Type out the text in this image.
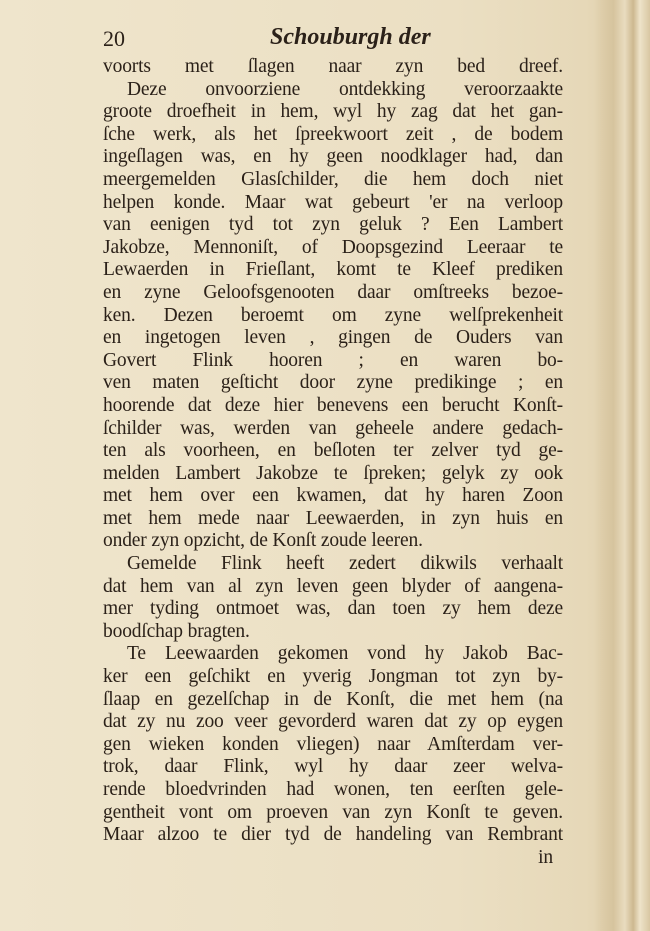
20	Schouburgh der
voorts met ſlagen naar zyn bed dreef.
Deze onvoorziene ontdekking veroorzaakte
groote droefheit in hem, wyl hy zag dat het gan-
ſche werk, als het ſpreekwoort zeit , de bodem
ingeſlagen was, en hy geen noodklager had, dan
meergemelden Glasſchilder, die hem doch niet
helpen konde. Maar wat gebeurt 'er na verloop
van eenigen tyd tot zyn geluk ? Een Lambert
Jakobze, Mennoniſt, of Doopsgezind Leeraar te
Lewaerden in Frieſlant, komt te Kleef prediken
en zyne Geloofsgenooten daar omſtreeks bezoe-
ken. Dezen beroemt om zyne welſprekenheit
en ingetogen leven , gingen de Ouders van
Govert Flink hooren ; en waren bo-
ven maten geſticht door zyne predikinge ; en
hoorende dat deze hier benevens een berucht Konſt-
ſchilder was, werden van geheele andere gedach-
ten als voorheen, en beſloten ter zelver tyd ge-
melden Lambert Jakobze te ſpreken; gelyk zy ook
met hem over een kwamen, dat hy haren Zoon
met hem mede naar Leewaerden, in zyn huis en
onder zyn opzicht, de Konſt zoude leeren.
Gemelde Flink heeft zedert dikwils verhaalt
dat hem van al zyn leven geen blyder of aangena-
mer tyding ontmoet was, dan toen zy hem deze
boodſchap bragten.
Te Leewaarden gekomen vond hy Jakob Bac-
ker een geſchikt en yverig Jongman tot zyn by-
ſlaap en gezelſchap in de Konſt, die met hem (na
dat zy nu zoo veer gevorderd waren dat zy op eygen
gen wieken konden vliegen) naar Amſterdam ver-
trok, daar Flink, wyl hy daar zeer welva-
rende bloedvrinden had wonen, ten eerſten gele-
gentheit vont om proeven van zyn Konſt te geven.
Maar alzoo te dier tyd de handeling van Rembrant
in
